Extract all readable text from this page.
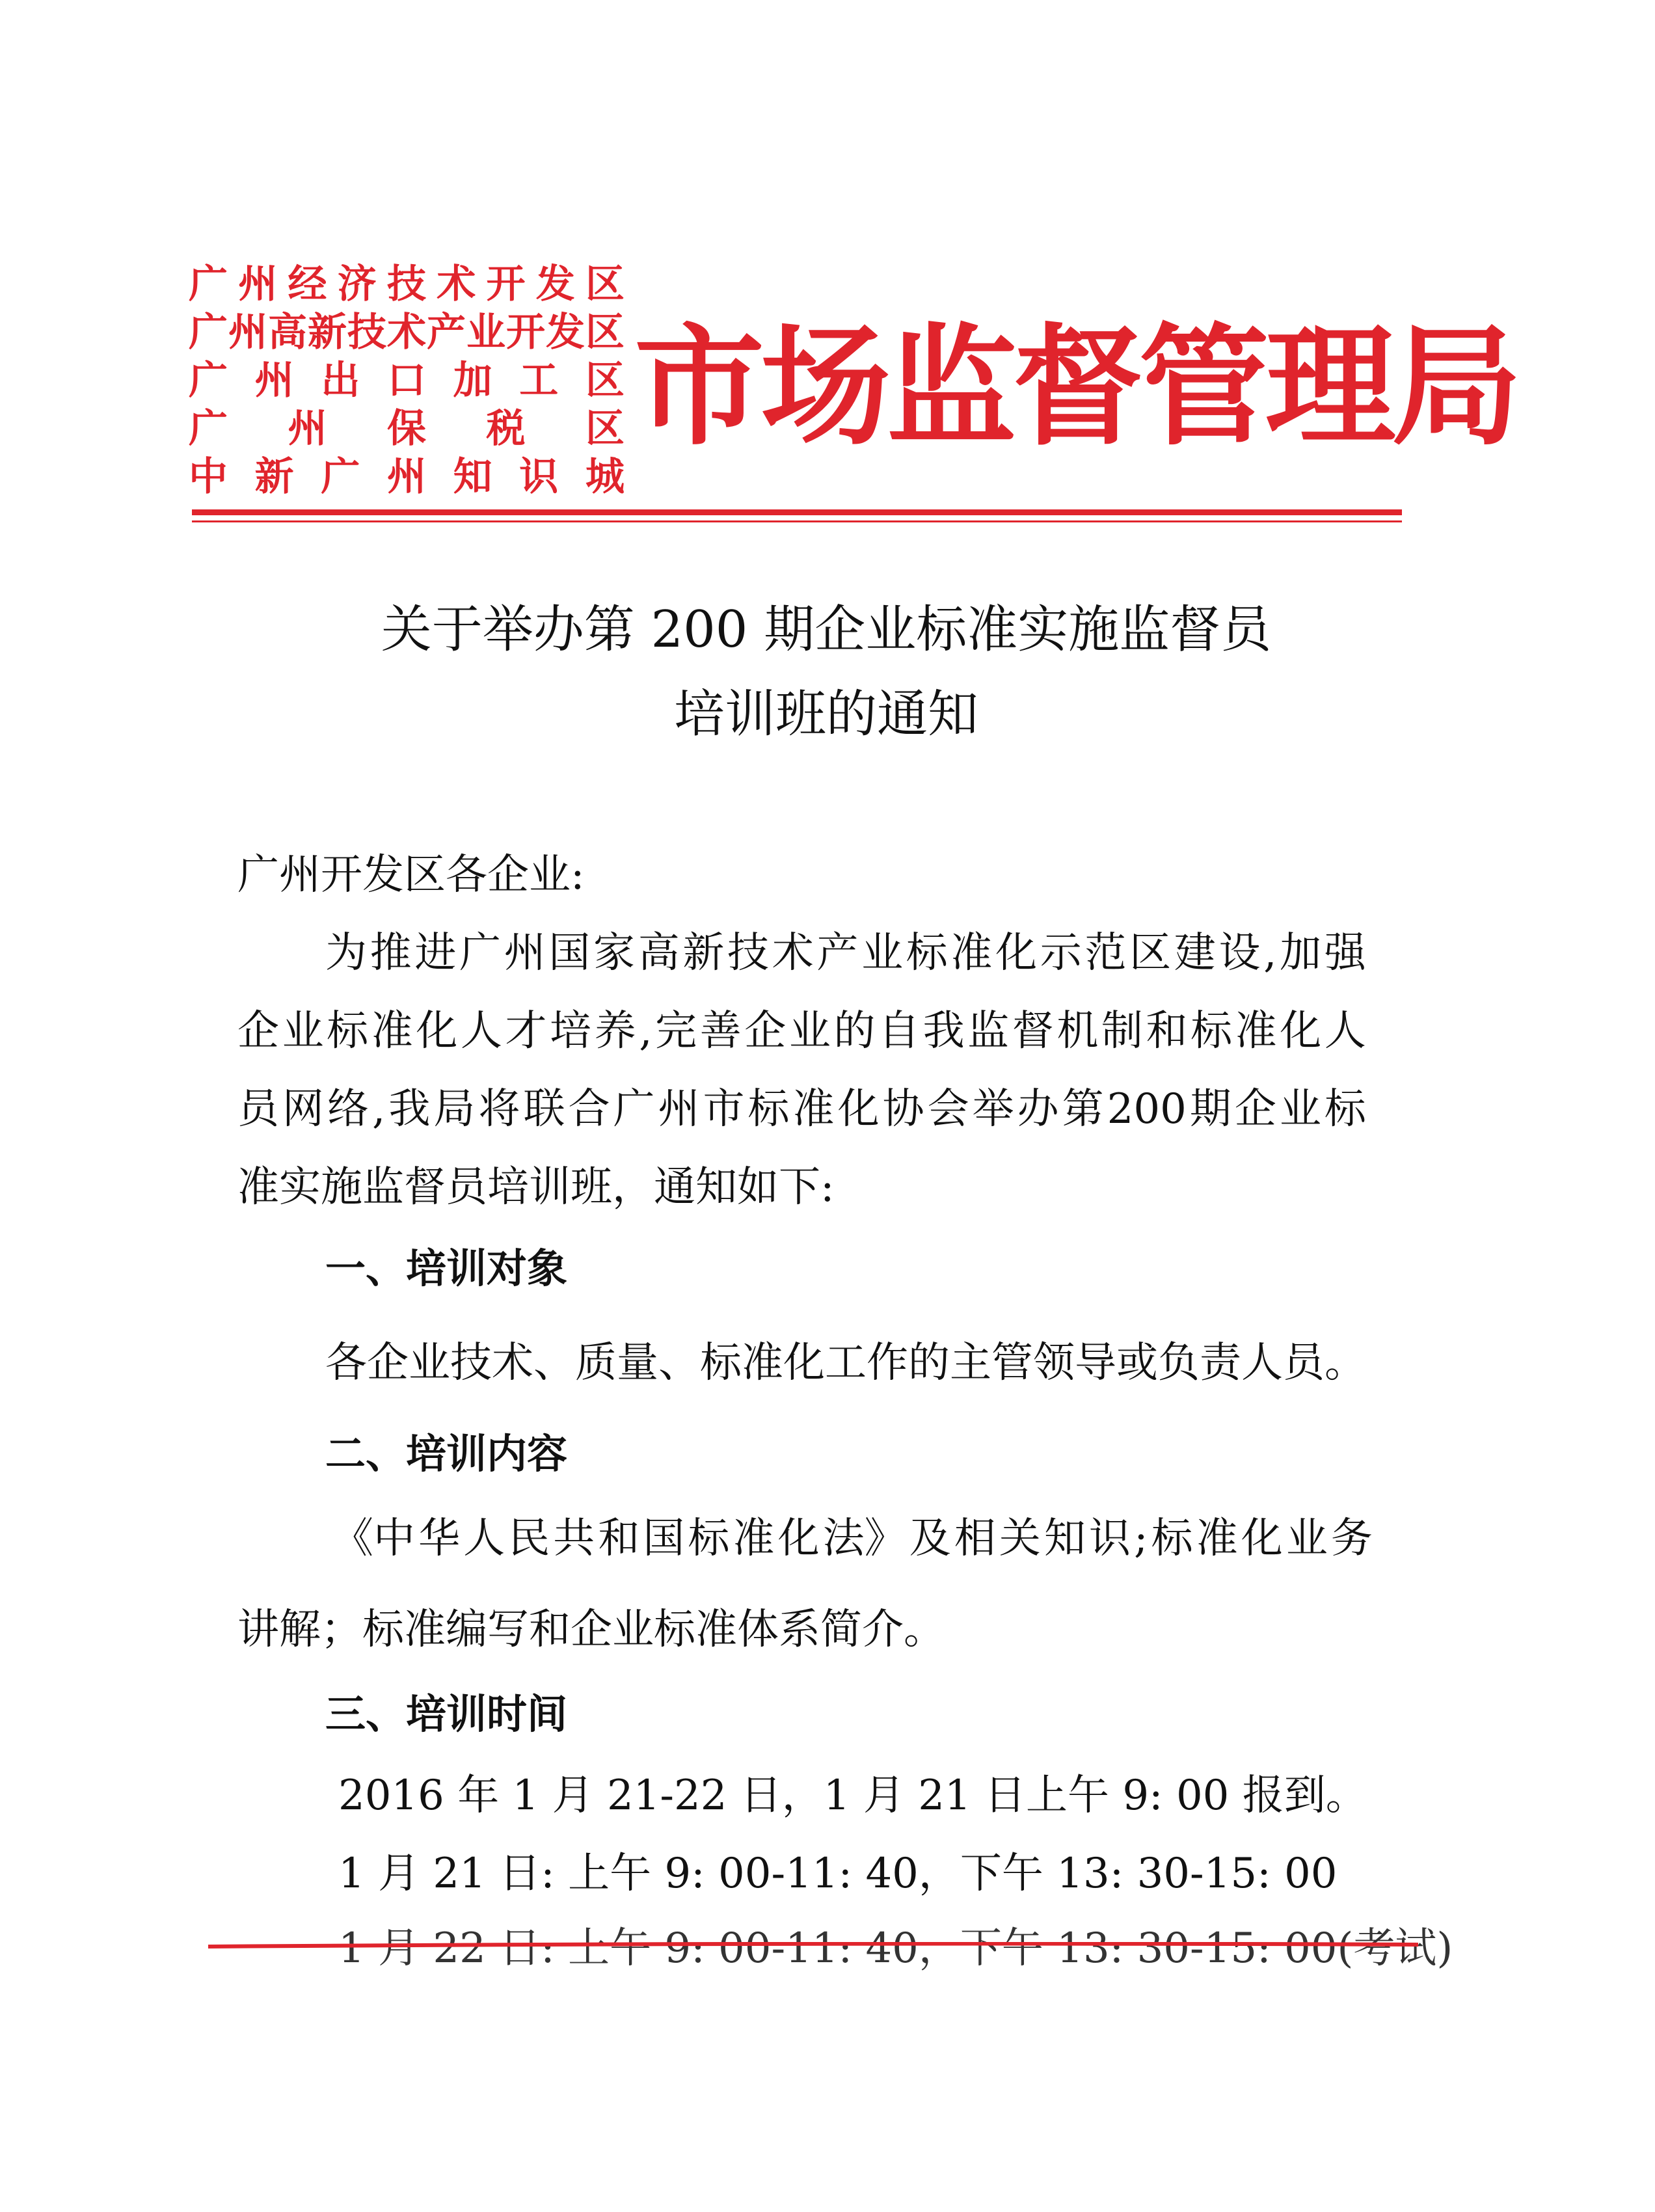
广 州 经 济 技 术 开 发 区
广 州 高 新 技 术 产 业 开 发 区
广 州 出 口 加 工 区
广 州 保 税 区
中 新 广 州 知 识 城
市场监督管理局
关于举办第 200 期企业标准实施监督员
培训班的通知
广州开发区各企业:
为 推 进 广 州 国 家 高 新 技 术 产 业 标 准 化 示 范 区 建 设 , 加 强
企 业 标 准 化 人 才 培 养 , 完 善 企 业 的 自 我 监 督 机 制 和 标 准 化 人
员 网 络 , 我 局 将 联 合 广 州 市 标 准 化 协 会 举 办 第 200 期 企 业 标
准实施监督员培训班，通知如下:
一、培训对象
各企业技术、质量、标准化工作的主管领导或负责人员。
二、培训内容
《中 华 人 民 共 和 国 标 准 化 法》 及 相 关 知 识 ; 标 准 化 业 务
讲解；标准编写和企业标准体系简介。
三、培训时间
2016 年 1 月 21-22 日，1 月 21 日上午 9: 00 报到。
1 月 21 日: 上午 9: 00-11: 40，下午 13: 30-15: 00
1 月 22 日: 上午 9: 00-11: 40，下午 13: 30-15: 00(考试)
